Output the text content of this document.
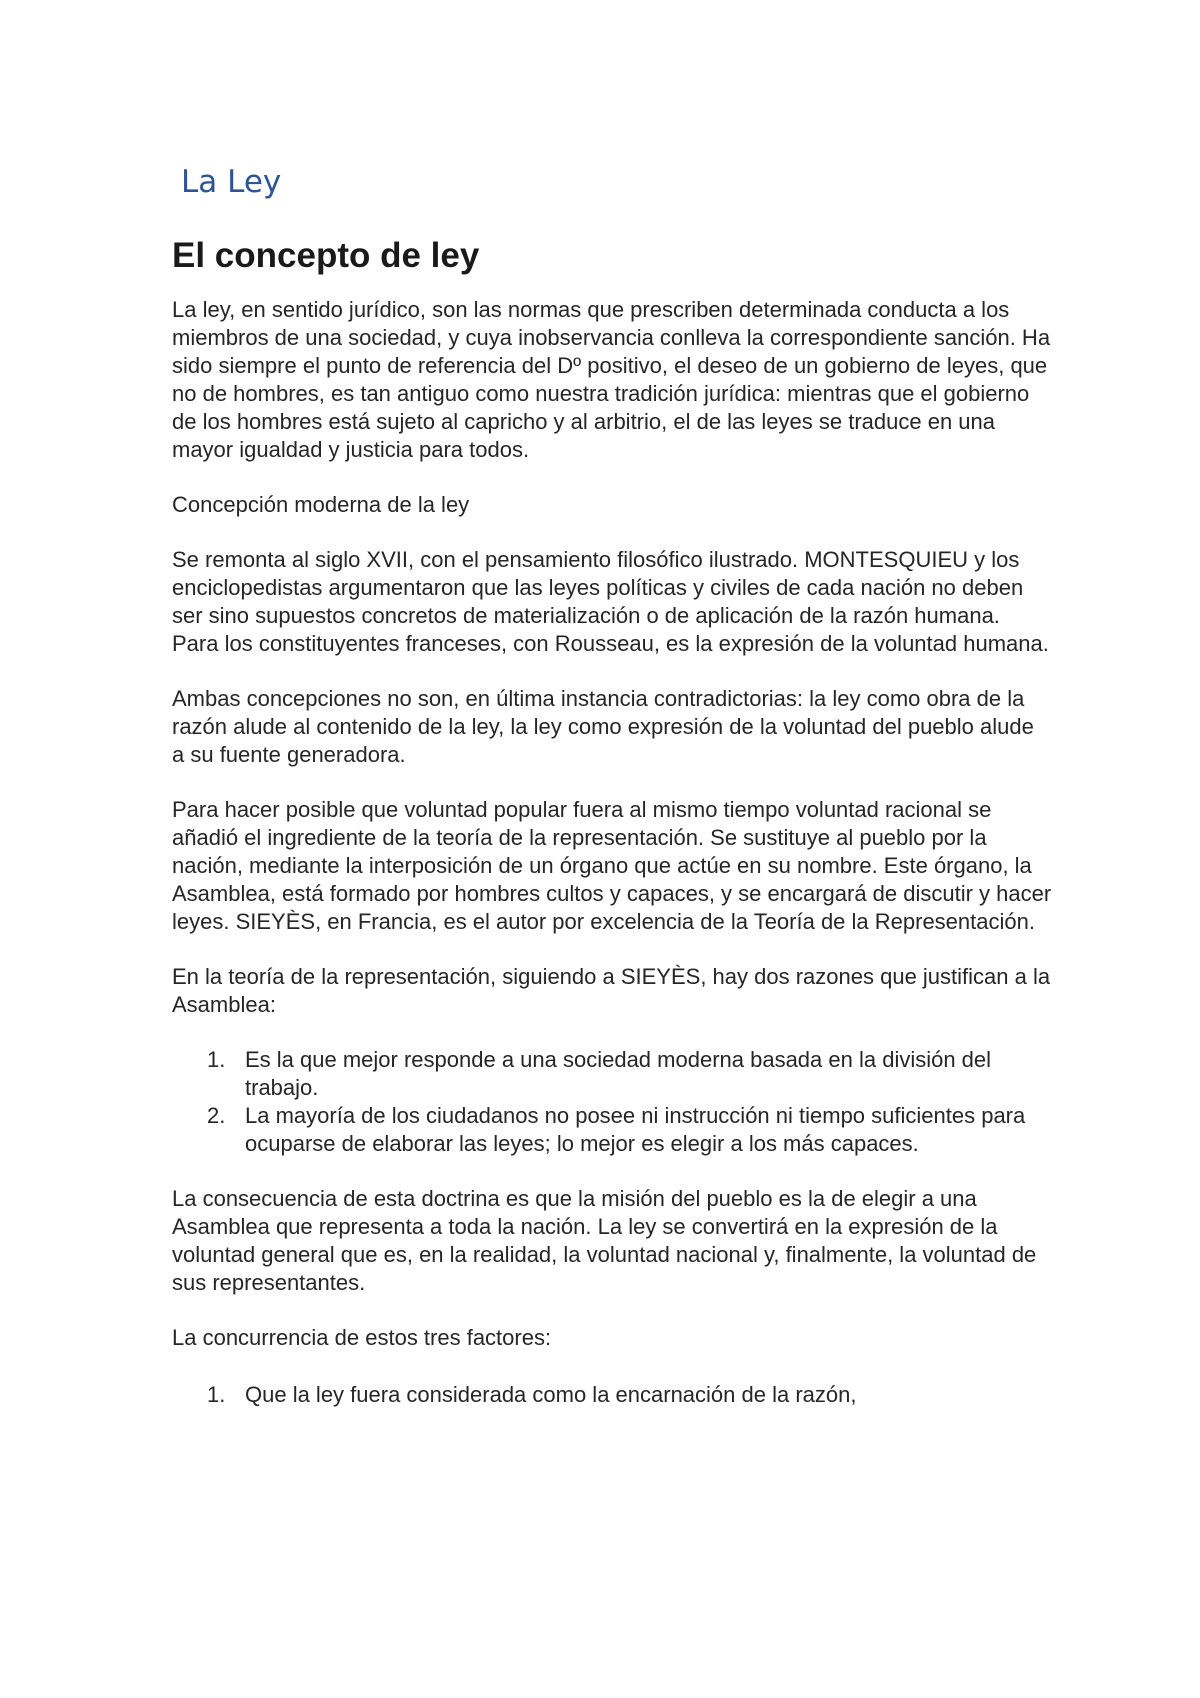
La Ley
El concepto de ley

La ley, en sentido jurídico, son las normas que prescriben determinada conducta a los miembros de una sociedad, y cuya inobservancia conlleva la correspondiente sanción. Ha sido siempre el punto de referencia del Dº positivo, el deseo de un gobierno de leyes, que no de hombres, es tan antiguo como nuestra tradición jurídica: mientras que el gobierno de los hombres está sujeto al capricho y al arbitrio, el de las leyes se traduce en una mayor igualdad y justicia para todos.

Concepción moderna de la ley

Se remonta al siglo XVII, con el pensamiento filosófico ilustrado. MONTESQUIEU y los enciclopedistas argumentaron que las leyes políticas y civiles de cada nación no deben ser sino supuestos concretos de materialización o de aplicación de la razón humana. Para los constituyentes franceses, con Rousseau, es la expresión de la voluntad humana.

Ambas concepciones no son, en última instancia contradictorias: la ley como obra de la razón alude al contenido de la ley, la ley como expresión de la voluntad del pueblo alude a su fuente generadora.

Para hacer posible que voluntad popular fuera al mismo tiempo voluntad racional se añadió el ingrediente de la teoría de la representación. Se sustituye al pueblo por la nación, mediante la interposición de un órgano que actúe en su nombre. Este órgano, la Asamblea, está formado por hombres cultos y capaces, y se encargará de discutir y hacer leyes. SIEYÈS, en Francia, es el autor por excelencia de la Teoría de la Representación.

En la teoría de la representación, siguiendo a SIEYÈS, hay dos razones que justifican a la Asamblea:

1. Es la que mejor responde a una sociedad moderna basada en la división del trabajo.
2. La mayoría de los ciudadanos no posee ni instrucción ni tiempo suficientes para ocuparse de elaborar las leyes; lo mejor es elegir a los más capaces.

La consecuencia de esta doctrina es que la misión del pueblo es la de elegir a una Asamblea que representa a toda la nación. La ley se convertirá en la expresión de la voluntad general que es, en la realidad, la voluntad nacional y, finalmente, la voluntad de sus representantes.

La concurrencia de estos tres factores:

1. Que la ley fuera considerada como la encarnación de la razón,
